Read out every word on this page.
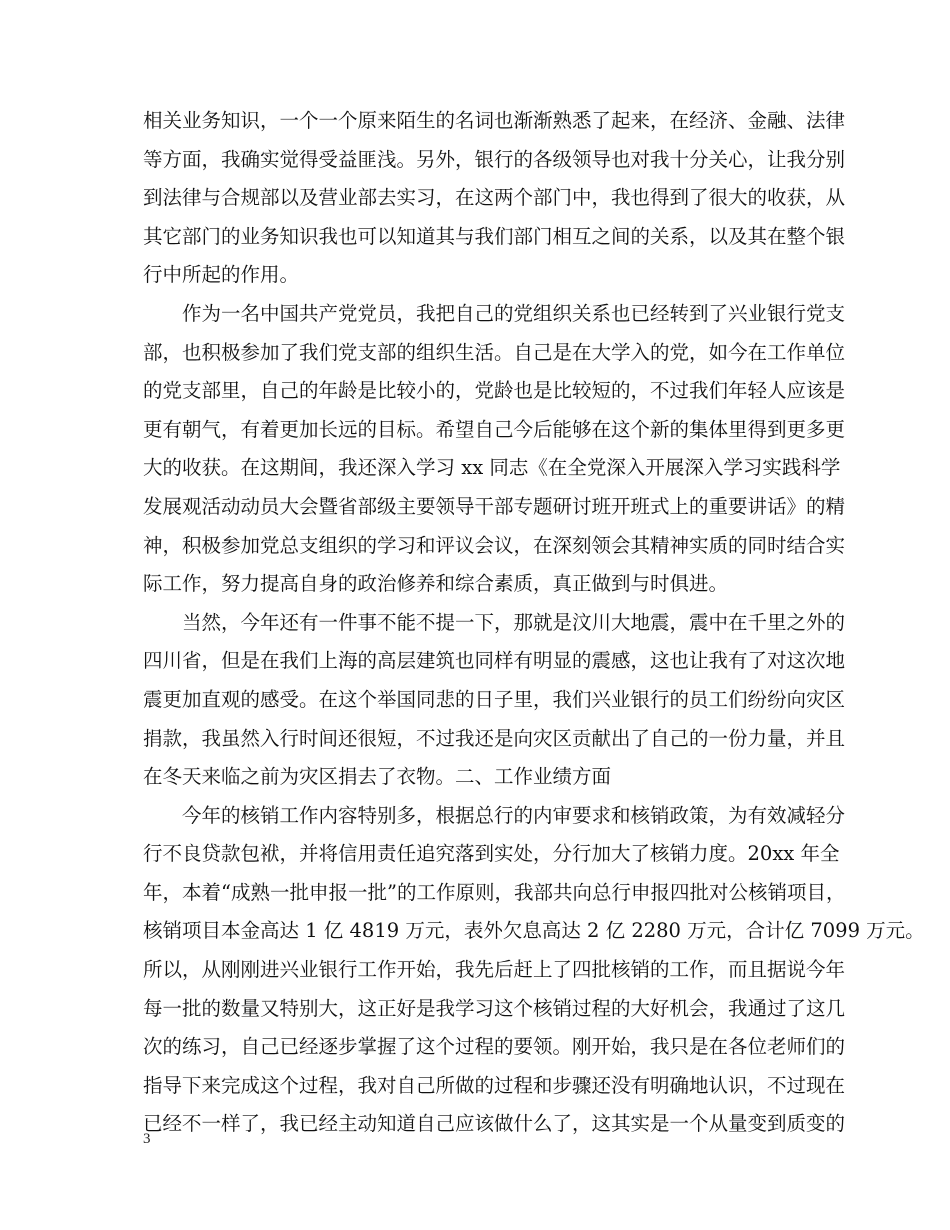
相关业务知识，一个一个原来陌生的名词也渐渐熟悉了起来，在经济、金融、法律
等方面，我确实觉得受益匪浅。另外，银行的各级领导也对我十分关心，让我分别
到法律与合规部以及营业部去实习，在这两个部门中，我也得到了很大的收获，从
其它部门的业务知识我也可以知道其与我们部门相互之间的关系，以及其在整个银
行中所起的作用。
作为一名中国共产党党员，我把自己的党组织关系也已经转到了兴业银行党支
部，也积极参加了我们党支部的组织生活。自己是在大学入的党，如今在工作单位
的党支部里，自己的年龄是比较小的，党龄也是比较短的，不过我们年轻人应该是
更有朝气，有着更加长远的目标。希望自己今后能够在这个新的集体里得到更多更
大的收获。在这期间，我还深入学习 xx 同志《在全党深入开展深入学习实践科学
发展观活动动员大会暨省部级主要领导干部专题研讨班开班式上的重要讲话》的精
神，积极参加党总支组织的学习和评议会议，在深刻领会其精神实质的同时结合实
际工作，努力提高自身的政治修养和综合素质，真正做到与时俱进。
当然，今年还有一件事不能不提一下，那就是汶川大地震，震中在千里之外的
四川省，但是在我们上海的高层建筑也同样有明显的震感，这也让我有了对这次地
震更加直观的感受。在这个举国同悲的日子里，我们兴业银行的员工们纷纷向灾区
捐款，我虽然入行时间还很短，不过我还是向灾区贡献出了自己的一份力量，并且
在冬天来临之前为灾区捐去了衣物。二、工作业绩方面
今年的核销工作内容特别多，根据总行的内审要求和核销政策，为有效减轻分
行不良贷款包袱，并将信用责任追究落到实处，分行加大了核销力度。20xx 年全
年，本着“成熟一批申报一批”的工作原则，我部共向总行申报四批对公核销项目，
核销项目本金高达 1 亿 4819 万元，表外欠息高达 2 亿 2280 万元，合计亿 7099 万元。
所以，从刚刚进兴业银行工作开始，我先后赶上了四批核销的工作，而且据说今年
每一批的数量又特别大，这正好是我学习这个核销过程的大好机会，我通过了这几
次的练习，自己已经逐步掌握了这个过程的要领。刚开始，我只是在各位老师们的
指导下来完成这个过程，我对自己所做的过程和步骤还没有明确地认识，不过现在
已经不一样了，我已经主动知道自己应该做什么了，这其实是一个从量变到质变的
3
